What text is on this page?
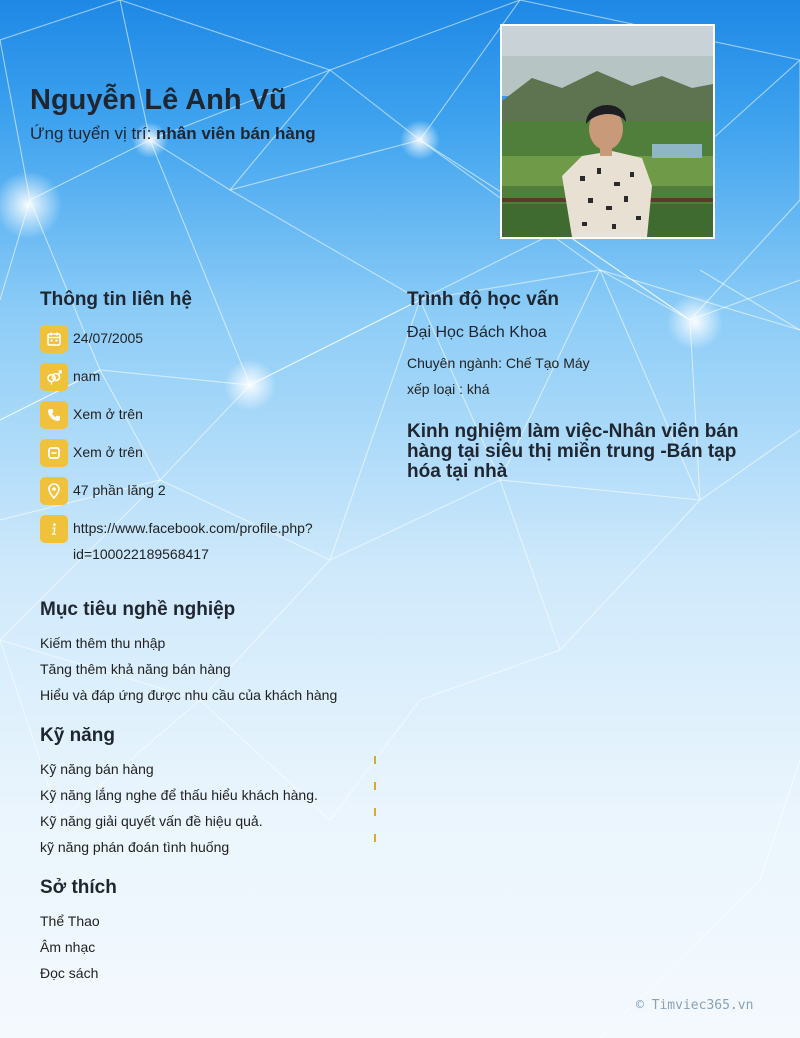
Nguyễn Lê Anh Vũ
Ứng tuyển vị trí: nhân viên bán hàng
Thông tin liên hệ
24/07/2005
nam
Xem ở trên
Xem ở trên
47 phần lăng 2
https://www.facebook.com/profile.php?
id=100022189568417
Mục tiêu nghề nghiệp
Kiếm thêm thu nhập
Tăng thêm khả năng bán hàng
Hiểu và đáp ứng được nhu cầu của khách hàng
Kỹ năng
Kỹ năng bán hàng
Kỹ năng lắng nghe để thấu hiểu khách hàng.
Kỹ năng giải quyết vấn đề hiệu quả.
kỹ năng phán đoán tình huống
Sở thích
Thể Thao
Âm nhạc
Đọc sách
Trình độ học vấn
Đại Học Bách Khoa
Chuyên ngành: Chế Tạo Máy
xếp loại : khá
Kinh nghiệm làm việc-Nhân viên bán hàng tại siêu thị miền trung -Bán tạp hóa tại nhà
© Timviec365.vn
